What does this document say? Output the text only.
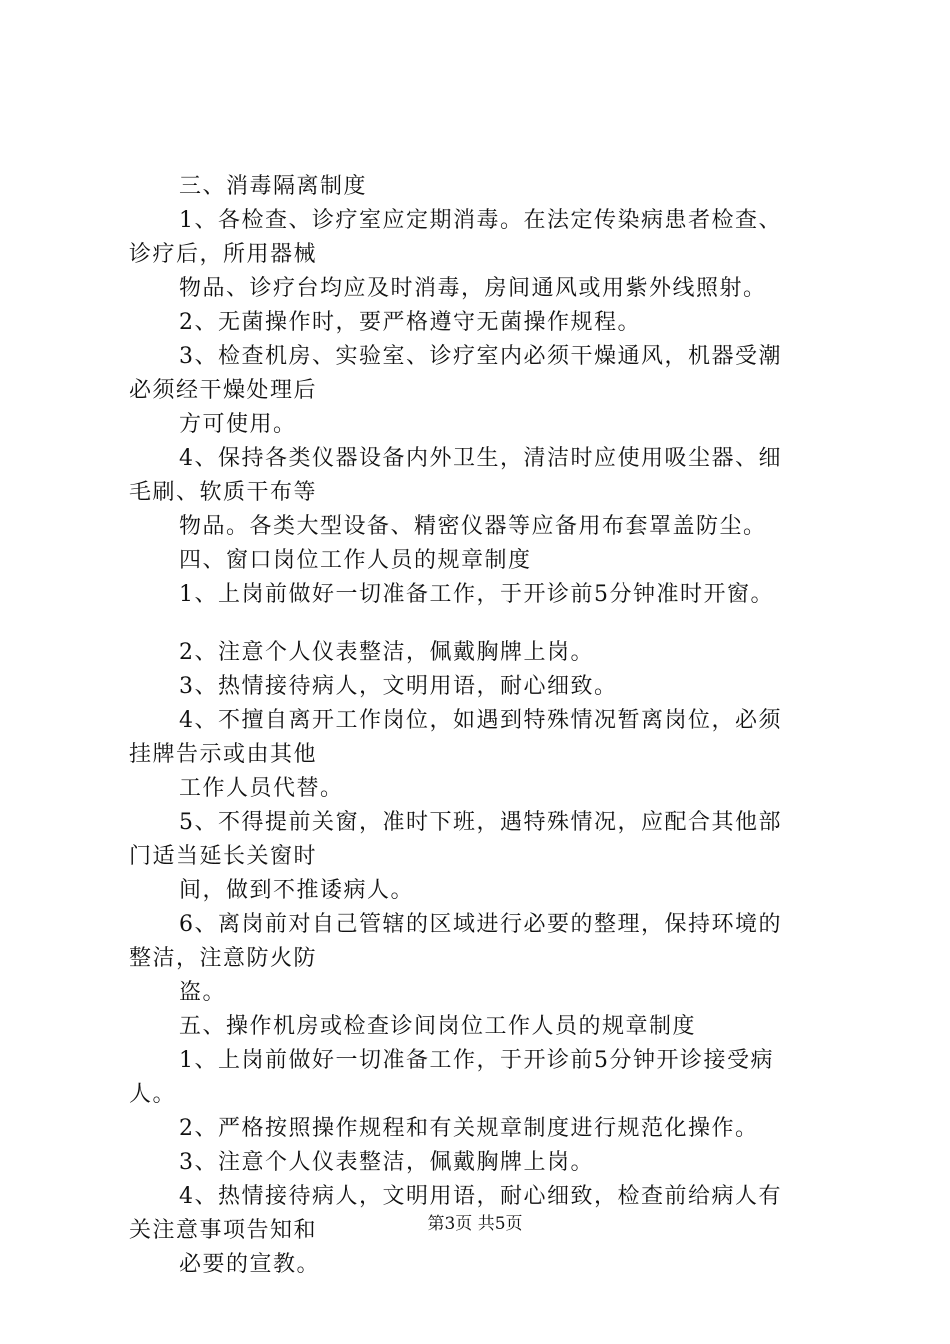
三、消毒隔离制度
1、各检查、诊疗室应定期消毒。在法定传染病患者检查、
诊疗后，所用器械
物品、诊疗台均应及时消毒，房间通风或用紫外线照射。
2、无菌操作时，要严格遵守无菌操作规程。
3、检查机房、实验室、诊疗室内必须干燥通风，机器受潮
必须经干燥处理后
方可使用。
4、保持各类仪器设备内外卫生，清洁时应使用吸尘器、细
毛刷、软质干布等
物品。各类大型设备、精密仪器等应备用布套罩盖防尘。
四、窗口岗位工作人员的规章制度
1、上岗前做好一切准备工作，于开诊前5分钟准时开窗。
2、注意个人仪表整洁，佩戴胸牌上岗。
3、热情接待病人，文明用语，耐心细致。
4、不擅自离开工作岗位，如遇到特殊情况暂离岗位，必须
挂牌告示或由其他
工作人员代替。
5、不得提前关窗，准时下班，遇特殊情况，应配合其他部
门适当延长关窗时
间，做到不推诿病人。
6、离岗前对自己管辖的区域进行必要的整理，保持环境的
整洁，注意防火防
盗。
五、操作机房或检查诊间岗位工作人员的规章制度
1、上岗前做好一切准备工作，于开诊前5分钟开诊接受病
人。
2、严格按照操作规程和有关规章制度进行规范化操作。
3、注意个人仪表整洁，佩戴胸牌上岗。
4、热情接待病人，文明用语，耐心细致，检查前给病人有
关注意事项告知和
必要的宣教。
第3页 共5页
